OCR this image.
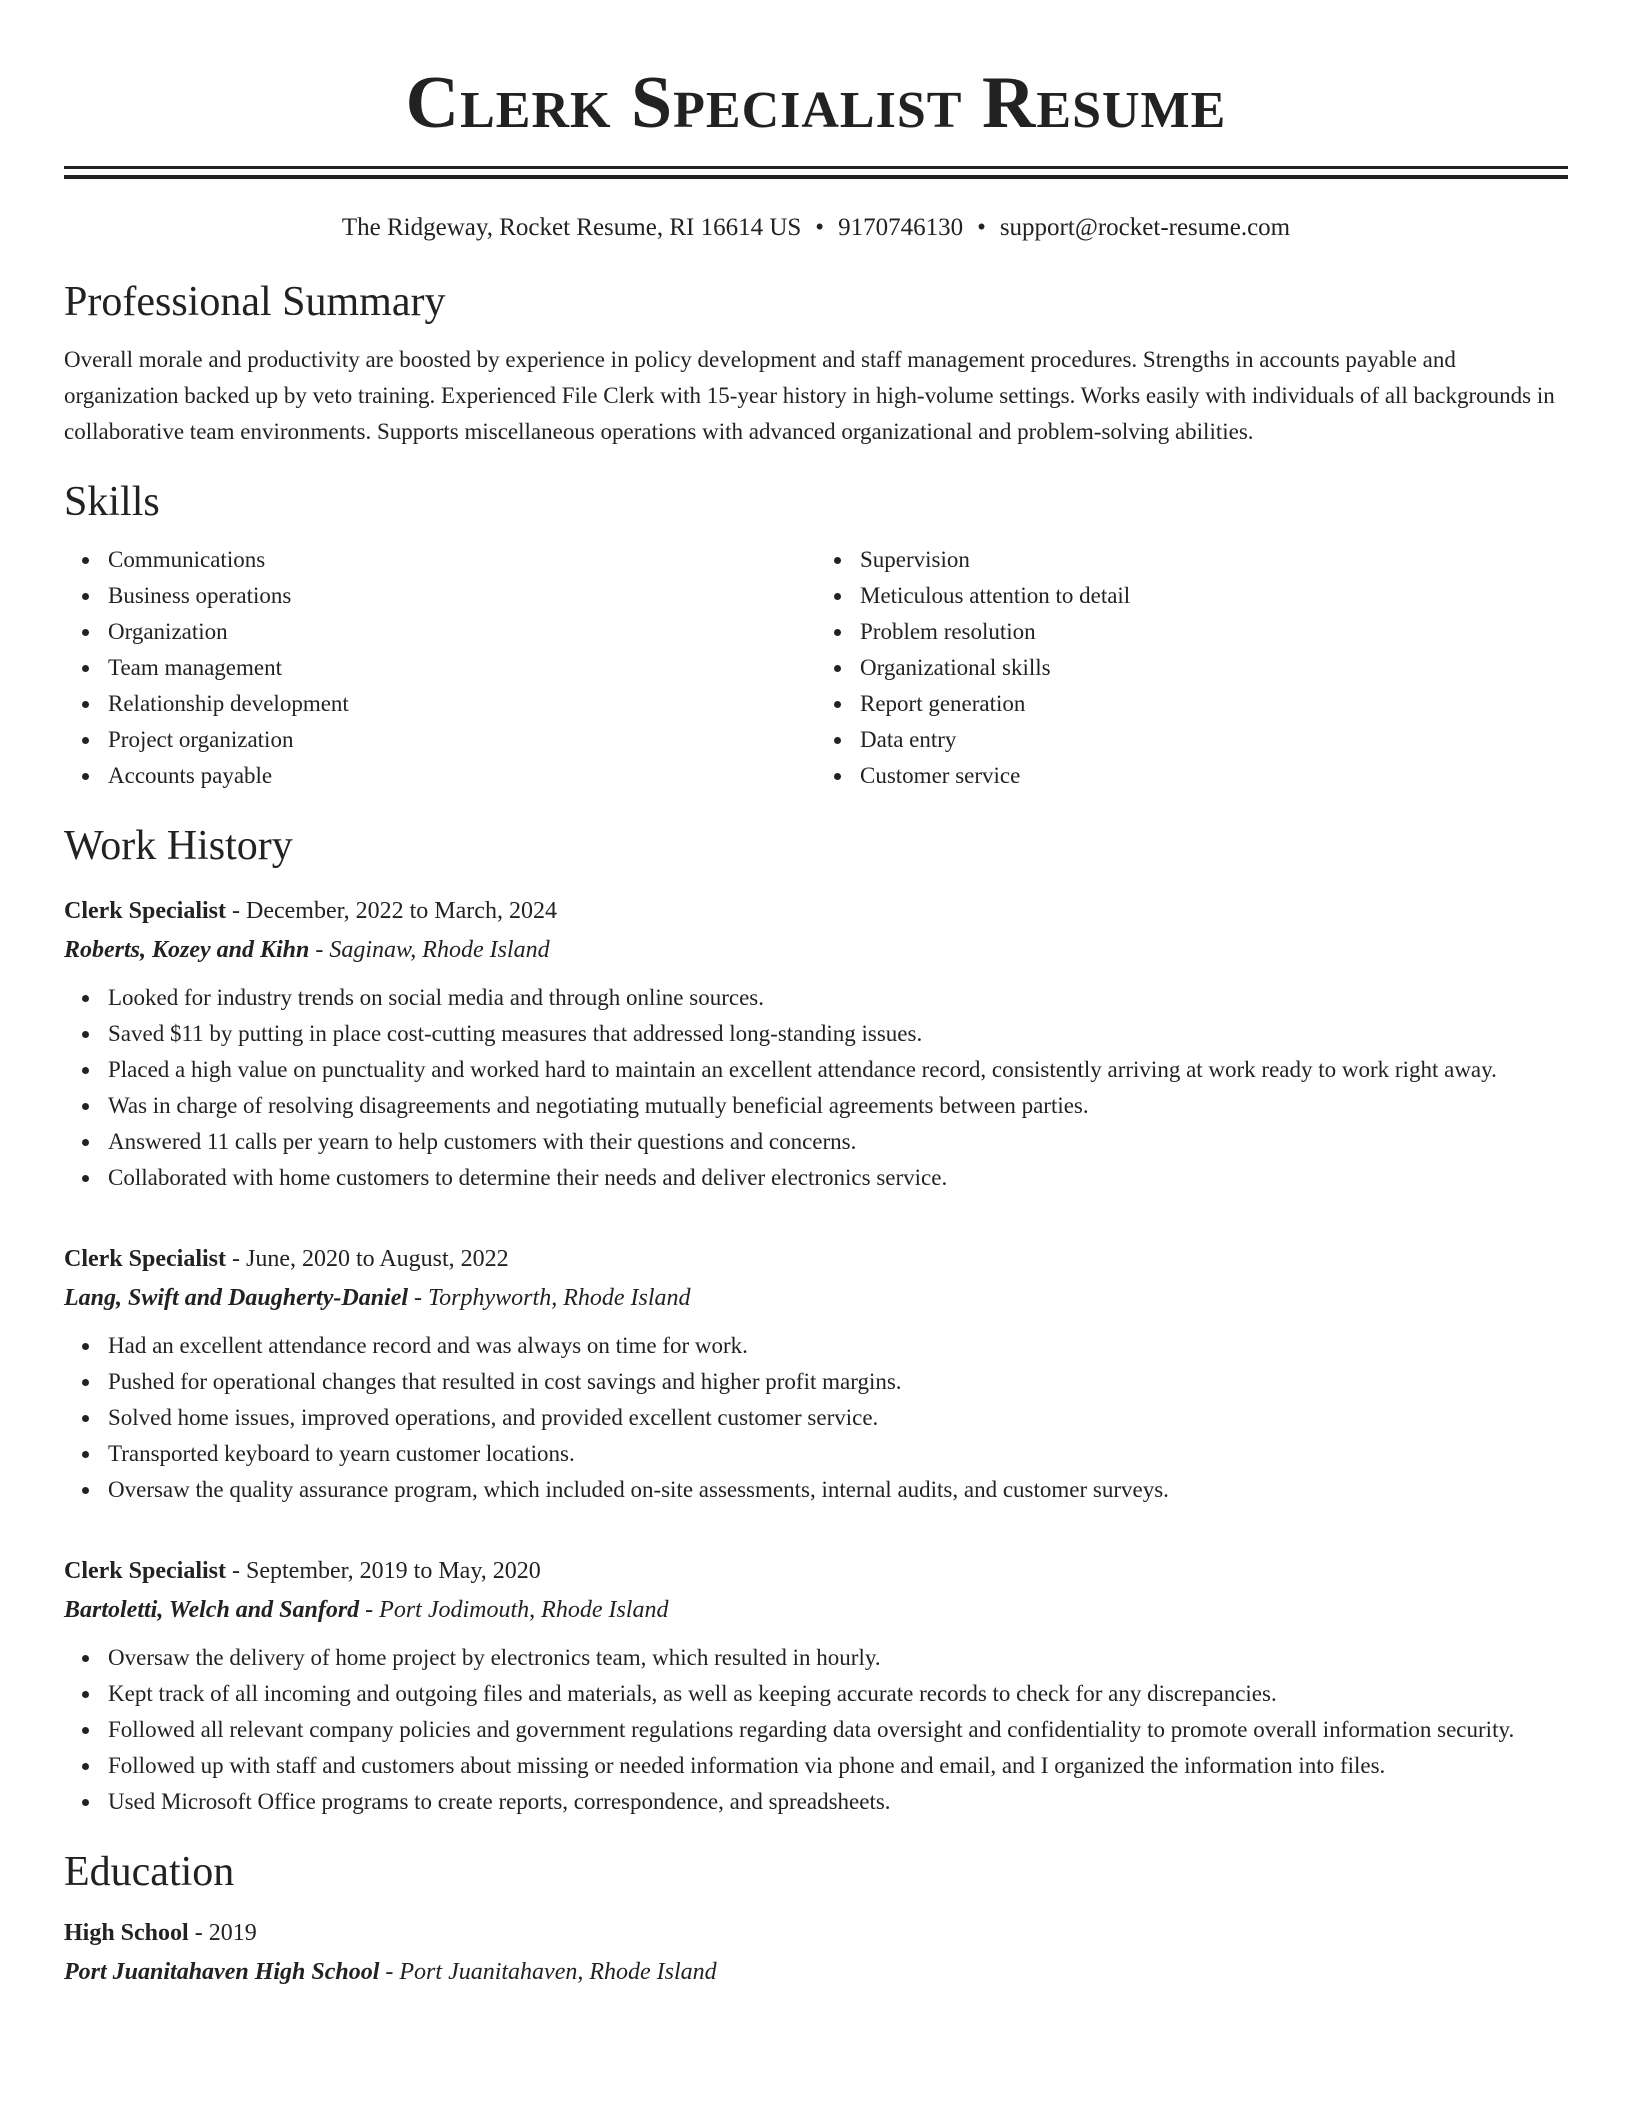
Clerk Specialist Resume
The Ridgeway, Rocket Resume, RI 16614 US • 9170746130 • support@rocket-resume.com
Professional Summary

Overall morale and productivity are boosted by experience in policy development and staff management procedures. Strengths in accounts payable and organization backed up by veto training. Experienced File Clerk with 15-year history in high-volume settings. Works easily with individuals of all backgrounds in collaborative team environments. Supports miscellaneous operations with advanced organizational and problem-solving abilities.

Skills
Communications
Business operations
Organization
Team management
Relationship development
Project organization
Accounts payable
Supervision
Meticulous attention to detail
Problem resolution
Organizational skills
Report generation
Data entry
Customer service
Work History
Clerk Specialist - December, 2022 to March, 2024
Roberts, Kozey and Kihn - Saginaw, Rhode Island
Looked for industry trends on social media and through online sources.
Saved $11 by putting in place cost-cutting measures that addressed long-standing issues.
Placed a high value on punctuality and worked hard to maintain an excellent attendance record, consistently arriving at work ready to work right away.
Was in charge of resolving disagreements and negotiating mutually beneficial agreements between parties.
Answered 11 calls per yearn to help customers with their questions and concerns.
Collaborated with home customers to determine their needs and deliver electronics service.
Clerk Specialist - June, 2020 to August, 2022
Lang, Swift and Daugherty-Daniel - Torphyworth, Rhode Island
Had an excellent attendance record and was always on time for work.
Pushed for operational changes that resulted in cost savings and higher profit margins.
Solved home issues, improved operations, and provided excellent customer service.
Transported keyboard to yearn customer locations.
Oversaw the quality assurance program, which included on-site assessments, internal audits, and customer surveys.
Clerk Specialist - September, 2019 to May, 2020
Bartoletti, Welch and Sanford - Port Jodimouth, Rhode Island
Oversaw the delivery of home project by electronics team, which resulted in hourly.
Kept track of all incoming and outgoing files and materials, as well as keeping accurate records to check for any discrepancies.
Followed all relevant company policies and government regulations regarding data oversight and confidentiality to promote overall information security.
Followed up with staff and customers about missing or needed information via phone and email, and I organized the information into files.
Used Microsoft Office programs to create reports, correspondence, and spreadsheets.
Education
High School - 2019
Port Juanitahaven High School - Port Juanitahaven, Rhode Island
